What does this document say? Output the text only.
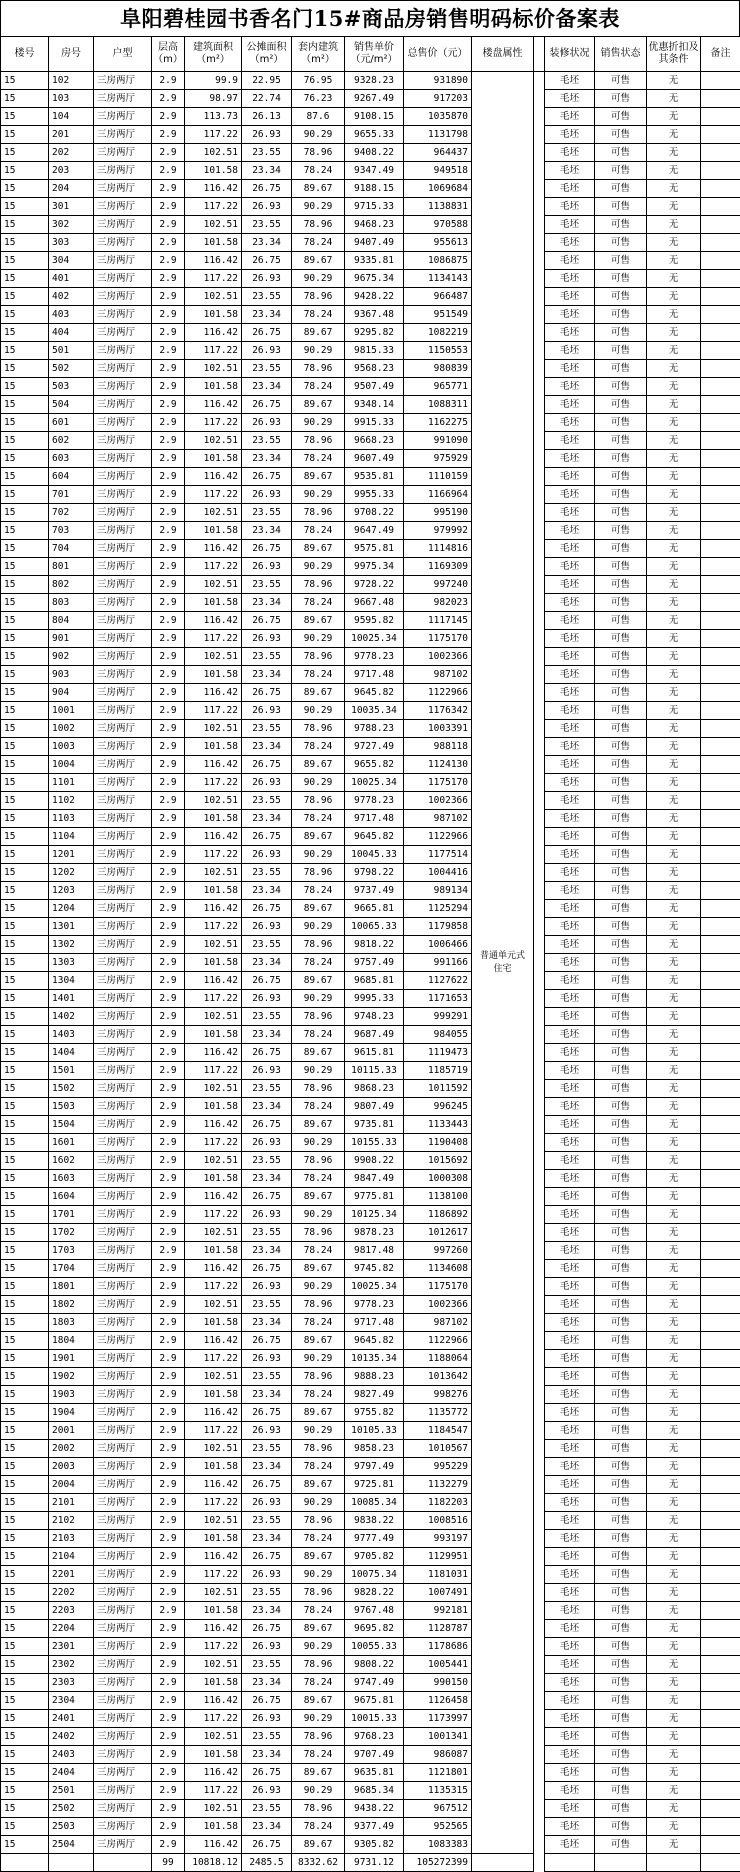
阜阳碧桂园书香名门15#商品房销售明码标价备案表
楼号	房号	户型	层高（m）	建筑面积（m²）	公摊面积（m²）	套内建筑（m²）	销售单价（元/m²）	总售价（元）	楼盘属性		装修状况	销售状态	优惠折扣及其条件	备注
15	102	三房两厅	2.9	99.9	22.95	76.95	9328.23	931890	普通单元式住宅		毛坯	可售	无	
15	103	三房两厅	2.9	98.97	22.74	76.23	9267.49	917203			毛坯	可售	无	
15	104	三房两厅	2.9	113.73	26.13	87.6	9108.15	1035870			毛坯	可售	无	
15	201	三房两厅	2.9	117.22	26.93	90.29	9655.33	1131798			毛坯	可售	无	
15	202	三房两厅	2.9	102.51	23.55	78.96	9408.22	964437			毛坯	可售	无	
15	203	三房两厅	2.9	101.58	23.34	78.24	9347.49	949518			毛坯	可售	无	
15	204	三房两厅	2.9	116.42	26.75	89.67	9188.15	1069684			毛坯	可售	无	
15	301	三房两厅	2.9	117.22	26.93	90.29	9715.33	1138831			毛坯	可售	无	
15	302	三房两厅	2.9	102.51	23.55	78.96	9468.23	970588			毛坯	可售	无	
15	303	三房两厅	2.9	101.58	23.34	78.24	9407.49	955613			毛坯	可售	无	
15	304	三房两厅	2.9	116.42	26.75	89.67	9335.81	1086875			毛坯	可售	无	
15	401	三房两厅	2.9	117.22	26.93	90.29	9675.34	1134143			毛坯	可售	无	
15	402	三房两厅	2.9	102.51	23.55	78.96	9428.22	966487			毛坯	可售	无	
15	403	三房两厅	2.9	101.58	23.34	78.24	9367.48	951549			毛坯	可售	无	
15	404	三房两厅	2.9	116.42	26.75	89.67	9295.82	1082219			毛坯	可售	无	
15	501	三房两厅	2.9	117.22	26.93	90.29	9815.33	1150553			毛坯	可售	无	
15	502	三房两厅	2.9	102.51	23.55	78.96	9568.23	980839			毛坯	可售	无	
15	503	三房两厅	2.9	101.58	23.34	78.24	9507.49	965771			毛坯	可售	无	
15	504	三房两厅	2.9	116.42	26.75	89.67	9348.14	1088311			毛坯	可售	无	
15	601	三房两厅	2.9	117.22	26.93	90.29	9915.33	1162275			毛坯	可售	无	
15	602	三房两厅	2.9	102.51	23.55	78.96	9668.23	991090			毛坯	可售	无	
15	603	三房两厅	2.9	101.58	23.34	78.24	9607.49	975929			毛坯	可售	无	
15	604	三房两厅	2.9	116.42	26.75	89.67	9535.81	1110159			毛坯	可售	无	
15	701	三房两厅	2.9	117.22	26.93	90.29	9955.33	1166964			毛坯	可售	无	
15	702	三房两厅	2.9	102.51	23.55	78.96	9708.22	995190			毛坯	可售	无	
15	703	三房两厅	2.9	101.58	23.34	78.24	9647.49	979992			毛坯	可售	无	
15	704	三房两厅	2.9	116.42	26.75	89.67	9575.81	1114816			毛坯	可售	无	
15	801	三房两厅	2.9	117.22	26.93	90.29	9975.34	1169309			毛坯	可售	无	
15	802	三房两厅	2.9	102.51	23.55	78.96	9728.22	997240			毛坯	可售	无	
15	803	三房两厅	2.9	101.58	23.34	78.24	9667.48	982023			毛坯	可售	无	
15	804	三房两厅	2.9	116.42	26.75	89.67	9595.82	1117145			毛坯	可售	无	
15	901	三房两厅	2.9	117.22	26.93	90.29	10025.34	1175170			毛坯	可售	无	
15	902	三房两厅	2.9	102.51	23.55	78.96	9778.23	1002366			毛坯	可售	无	
15	903	三房两厅	2.9	101.58	23.34	78.24	9717.48	987102			毛坯	可售	无	
15	904	三房两厅	2.9	116.42	26.75	89.67	9645.82	1122966			毛坯	可售	无	
15	1001	三房两厅	2.9	117.22	26.93	90.29	10035.34	1176342			毛坯	可售	无	
15	1002	三房两厅	2.9	102.51	23.55	78.96	9788.23	1003391			毛坯	可售	无	
15	1003	三房两厅	2.9	101.58	23.34	78.24	9727.49	988118			毛坯	可售	无	
15	1004	三房两厅	2.9	116.42	26.75	89.67	9655.82	1124130			毛坯	可售	无	
15	1101	三房两厅	2.9	117.22	26.93	90.29	10025.34	1175170			毛坯	可售	无	
15	1102	三房两厅	2.9	102.51	23.55	78.96	9778.23	1002366			毛坯	可售	无	
15	1103	三房两厅	2.9	101.58	23.34	78.24	9717.48	987102			毛坯	可售	无	
15	1104	三房两厅	2.9	116.42	26.75	89.67	9645.82	1122966			毛坯	可售	无	
15	1201	三房两厅	2.9	117.22	26.93	90.29	10045.33	1177514			毛坯	可售	无	
15	1202	三房两厅	2.9	102.51	23.55	78.96	9798.22	1004416			毛坯	可售	无	
15	1203	三房两厅	2.9	101.58	23.34	78.24	9737.49	989134			毛坯	可售	无	
15	1204	三房两厅	2.9	116.42	26.75	89.67	9665.81	1125294			毛坯	可售	无	
15	1301	三房两厅	2.9	117.22	26.93	90.29	10065.33	1179858			毛坯	可售	无	
15	1302	三房两厅	2.9	102.51	23.55	78.96	9818.22	1006466			毛坯	可售	无	
15	1303	三房两厅	2.9	101.58	23.34	78.24	9757.49	991166			毛坯	可售	无	
15	1304	三房两厅	2.9	116.42	26.75	89.67	9685.81	1127622			毛坯	可售	无	
15	1401	三房两厅	2.9	117.22	26.93	90.29	9995.33	1171653			毛坯	可售	无	
15	1402	三房两厅	2.9	102.51	23.55	78.96	9748.23	999291			毛坯	可售	无	
15	1403	三房两厅	2.9	101.58	23.34	78.24	9687.49	984055			毛坯	可售	无	
15	1404	三房两厅	2.9	116.42	26.75	89.67	9615.81	1119473			毛坯	可售	无	
15	1501	三房两厅	2.9	117.22	26.93	90.29	10115.33	1185719			毛坯	可售	无	
15	1502	三房两厅	2.9	102.51	23.55	78.96	9868.23	1011592			毛坯	可售	无	
15	1503	三房两厅	2.9	101.58	23.34	78.24	9807.49	996245			毛坯	可售	无	
15	1504	三房两厅	2.9	116.42	26.75	89.67	9735.81	1133443			毛坯	可售	无	
15	1601	三房两厅	2.9	117.22	26.93	90.29	10155.33	1190408			毛坯	可售	无	
15	1602	三房两厅	2.9	102.51	23.55	78.96	9908.22	1015692			毛坯	可售	无	
15	1603	三房两厅	2.9	101.58	23.34	78.24	9847.49	1000308			毛坯	可售	无	
15	1604	三房两厅	2.9	116.42	26.75	89.67	9775.81	1138100			毛坯	可售	无	
15	1701	三房两厅	2.9	117.22	26.93	90.29	10125.34	1186892			毛坯	可售	无	
15	1702	三房两厅	2.9	102.51	23.55	78.96	9878.23	1012617			毛坯	可售	无	
15	1703	三房两厅	2.9	101.58	23.34	78.24	9817.48	997260			毛坯	可售	无	
15	1704	三房两厅	2.9	116.42	26.75	89.67	9745.82	1134608			毛坯	可售	无	
15	1801	三房两厅	2.9	117.22	26.93	90.29	10025.34	1175170			毛坯	可售	无	
15	1802	三房两厅	2.9	102.51	23.55	78.96	9778.23	1002366			毛坯	可售	无	
15	1803	三房两厅	2.9	101.58	23.34	78.24	9717.48	987102			毛坯	可售	无	
15	1804	三房两厅	2.9	116.42	26.75	89.67	9645.82	1122966			毛坯	可售	无	
15	1901	三房两厅	2.9	117.22	26.93	90.29	10135.34	1188064			毛坯	可售	无	
15	1902	三房两厅	2.9	102.51	23.55	78.96	9888.23	1013642			毛坯	可售	无	
15	1903	三房两厅	2.9	101.58	23.34	78.24	9827.49	998276			毛坯	可售	无	
15	1904	三房两厅	2.9	116.42	26.75	89.67	9755.82	1135772			毛坯	可售	无	
15	2001	三房两厅	2.9	117.22	26.93	90.29	10105.33	1184547			毛坯	可售	无	
15	2002	三房两厅	2.9	102.51	23.55	78.96	9858.23	1010567			毛坯	可售	无	
15	2003	三房两厅	2.9	101.58	23.34	78.24	9797.49	995229			毛坯	可售	无	
15	2004	三房两厅	2.9	116.42	26.75	89.67	9725.81	1132279			毛坯	可售	无	
15	2101	三房两厅	2.9	117.22	26.93	90.29	10085.34	1182203			毛坯	可售	无	
15	2102	三房两厅	2.9	102.51	23.55	78.96	9838.22	1008516			毛坯	可售	无	
15	2103	三房两厅	2.9	101.58	23.34	78.24	9777.49	993197			毛坯	可售	无	
15	2104	三房两厅	2.9	116.42	26.75	89.67	9705.82	1129951			毛坯	可售	无	
15	2201	三房两厅	2.9	117.22	26.93	90.29	10075.34	1181031			毛坯	可售	无	
15	2202	三房两厅	2.9	102.51	23.55	78.96	9828.22	1007491			毛坯	可售	无	
15	2203	三房两厅	2.9	101.58	23.34	78.24	9767.48	992181			毛坯	可售	无	
15	2204	三房两厅	2.9	116.42	26.75	89.67	9695.82	1128787			毛坯	可售	无	
15	2301	三房两厅	2.9	117.22	26.93	90.29	10055.33	1178686			毛坯	可售	无	
15	2302	三房两厅	2.9	102.51	23.55	78.96	9808.22	1005441			毛坯	可售	无	
15	2303	三房两厅	2.9	101.58	23.34	78.24	9747.49	990150			毛坯	可售	无	
15	2304	三房两厅	2.9	116.42	26.75	89.67	9675.81	1126458			毛坯	可售	无	
15	2401	三房两厅	2.9	117.22	26.93	90.29	10015.33	1173997			毛坯	可售	无	
15	2402	三房两厅	2.9	102.51	23.55	78.96	9768.23	1001341			毛坯	可售	无	
15	2403	三房两厅	2.9	101.58	23.34	78.24	9707.49	986087			毛坯	可售	无	
15	2404	三房两厅	2.9	116.42	26.75	89.67	9635.81	1121801			毛坯	可售	无	
15	2501	三房两厅	2.9	117.22	26.93	90.29	9685.34	1135315			毛坯	可售	无	
15	2502	三房两厅	2.9	102.51	23.55	78.96	9438.22	967512			毛坯	可售	无	
15	2503	三房两厅	2.9	101.58	23.34	78.24	9377.49	952565			毛坯	可售	无	
15	2504	三房两厅	2.9	116.42	26.75	89.67	9305.82	1083383			毛坯	可售	无	
			99	10818.12	2485.5	8332.62	9731.12	105272399						
